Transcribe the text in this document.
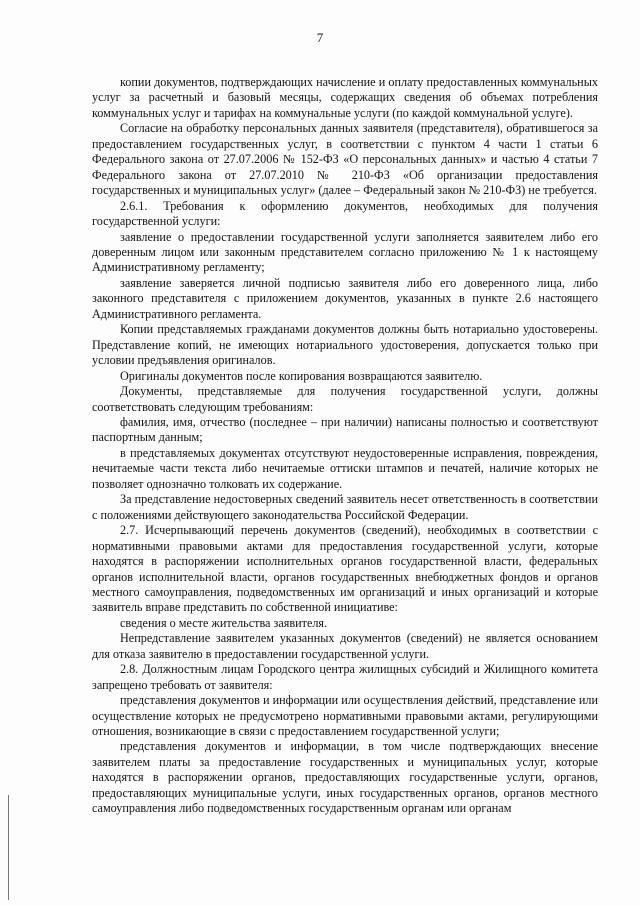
7

копии документов, подтверждающих начисление и оплату предоставленных коммунальных услуг за расчетный и базовый месяцы, содержащих сведения об объемах потребления коммунальных услуг и тарифах на коммунальные услуги (по каждой коммунальной услуге).

Согласие на обработку персональных данных заявителя (представителя), обратившегося за предоставлением государственных услуг, в соответствии с пунктом 4 части 1 статьи 6 Федерального закона от 27.07.2006 № 152-ФЗ «О персональных данных» и частью 4 статьи 7 Федерального закона от 27.07.2010 № 210-ФЗ «Об организации предоставления государственных и муниципальных услуг» (далее – Федеральный закон № 210-ФЗ) не требуется.

2.6.1. Требования к оформлению документов, необходимых для получения государственной услуги:

заявление о предоставлении государственной услуги заполняется заявителем либо его доверенным лицом или законным представителем согласно приложению № 1 к настоящему Административному регламенту;

заявление заверяется личной подписью заявителя либо его доверенного лица, либо законного представителя с приложением документов, указанных в пункте 2.6 настоящего Административного регламента.

Копии представляемых гражданами документов должны быть нотариально удостоверены. Представление копий, не имеющих нотариального удостоверения, допускается только при условии предъявления оригиналов.

Оригиналы документов после копирования возвращаются заявителю.

Документы, представляемые для получения государственной услуги, должны соответствовать следующим требованиям:

фамилия, имя, отчество (последнее – при наличии) написаны полностью и соответствуют паспортным данным;

в представляемых документах отсутствуют неудостоверенные исправления, повреждения, нечитаемые части текста либо нечитаемые оттиски штампов и печатей, наличие которых не позволяет однозначно толковать их содержание.

За представление недостоверных сведений заявитель несет ответственность в соответствии с положениями действующего законодательства Российской Федерации.

2.7. Исчерпывающий перечень документов (сведений), необходимых в соответствии с нормативными правовыми актами для предоставления государственной услуги, которые находятся в распоряжении исполнительных органов государственной власти, федеральных органов исполнительной власти, органов государственных внебюджетных фондов и органов местного самоуправления, подведомственных им организаций и иных организаций и которые заявитель вправе представить по собственной инициативе:

сведения о месте жительства заявителя.

Непредставление заявителем указанных документов (сведений) не является основанием для отказа заявителю в предоставлении государственной услуги.

2.8. Должностным лицам Городского центра жилищных субсидий и Жилищного комитета запрещено требовать от заявителя:

представления документов и информации или осуществления действий, представление или осуществление которых не предусмотрено нормативными правовыми актами, регулирующими отношения, возникающие в связи с предоставлением государственной услуги;

представления документов и информации, в том числе подтверждающих внесение заявителем платы за предоставление государственных и муниципальных услуг, которые находятся в распоряжении органов, предоставляющих государственные услуги, органов, предоставляющих муниципальные услуги, иных государственных органов, органов местного самоуправления либо подведомственных государственным органам или органам
